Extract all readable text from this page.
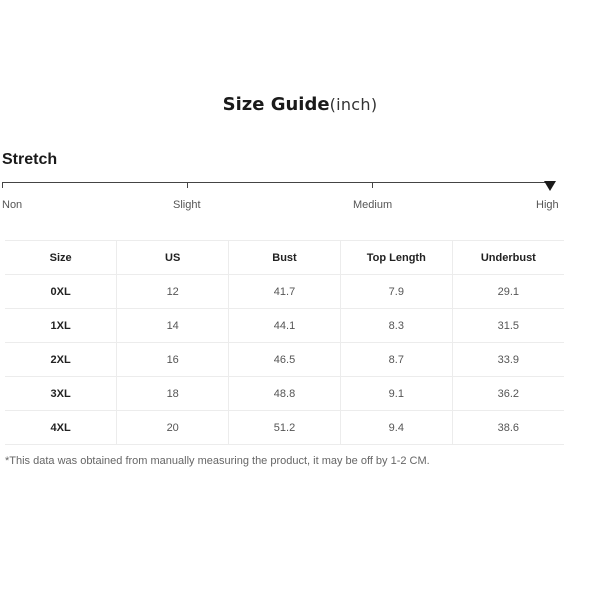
Size Guide(inch)
Stretch
Non	Slight	Medium	High
Size	US	Bust	Top Length	Underbust
0XL	12	41.7	7.9	29.1
1XL	14	44.1	8.3	31.5
2XL	16	46.5	8.7	33.9
3XL	18	48.8	9.1	36.2
4XL	20	51.2	9.4	38.6
*This data was obtained from manually measuring the product, it may be off by 1-2 CM.
